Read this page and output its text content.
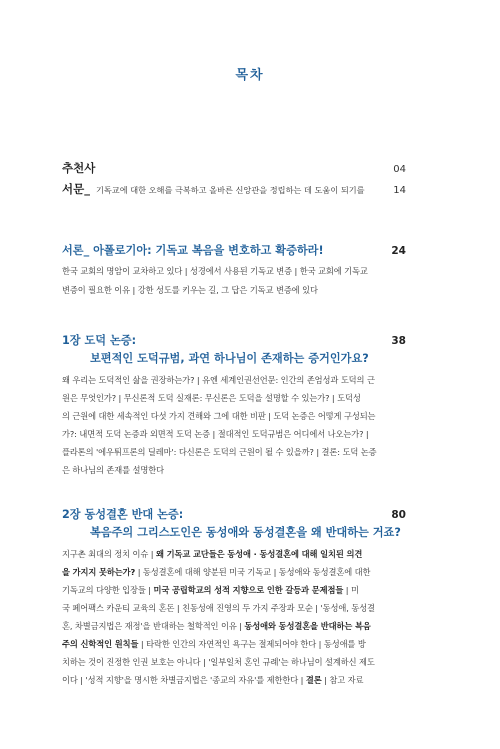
목차
추천사	04
서문_ 기독교에 대한 오해를 극복하고 올바른 신앙관을 정립하는 데 도움이 되기를	14
서론_ 아폴로기아: 기독교 복음을 변호하고 확증하라!	24
한국 교회의 명암이 교차하고 있다 | 성경에서 사용된 기독교 변증 | 한국 교회에 기독교
변증이 필요한 이유 | 강한 성도를 키우는 길, 그 답은 기독교 변증에 있다
1장 도덕 논증:	38
보편적인 도덕규범, 과연 하나님이 존재하는 증거인가요?
왜 우리는 도덕적인 삶을 권장하는가? | 유엔 세계인권선언문: 인간의 존엄성과 도덕의 근
원은 무엇인가? | 무신론적 도덕 실재론: 무신론은 도덕을 설명할 수 있는가? | 도덕성
의 근원에 대한 세속적인 다섯 가지 견해와 그에 대한 비판 | 도덕 논증은 어떻게 구성되는
가?: 내면적 도덕 논증과 외면적 도덕 논증 | 절대적인 도덕규범은 어디에서 나오는가? |
플라톤의 '에우튀프론의 딜레마': 다신론은 도덕의 근원이 될 수 있을까? | 결론: 도덕 논증
은 하나님의 존재를 설명한다
2장 동성결혼 반대 논증:	80
복음주의 그리스도인은 동성애와 동성결혼을 왜 반대하는 거죠?
지구촌 최대의 정치 이슈 | 왜 기독교 교단들은 동성애 · 동성결혼에 대해 일치된 의견
을 가지지 못하는가? | 동성결혼에 대해 양분된 미국 기독교 | 동성애와 동성결혼에 대한
기독교의 다양한 입장들 | 미국 공립학교의 성적 지향으로 인한 갈등과 문제점들 | 미
국 페어팩스 카운티 교육의 혼돈 | 친동성애 진영의 두 가지 주장과 모순 | '동성애, 동성결
혼, 차별금지법은 재정'을 반대하는 철학적인 이유 | 동성애와 동성결혼을 반대하는 복음
주의 신학적인 원칙들 | 타락한 인간의 자연적인 욕구는 절제되어야 한다 | 동성애를 방
치하는 것이 진정한 인권 보호는 아니다 | '일부일처 혼인 규례'는 하나님이 설계하신 제도
이다 | '성적 지향'을 명시한 차별금지법은 '종교의 자유'를 제한한다 | 결론 | 참고 자료
